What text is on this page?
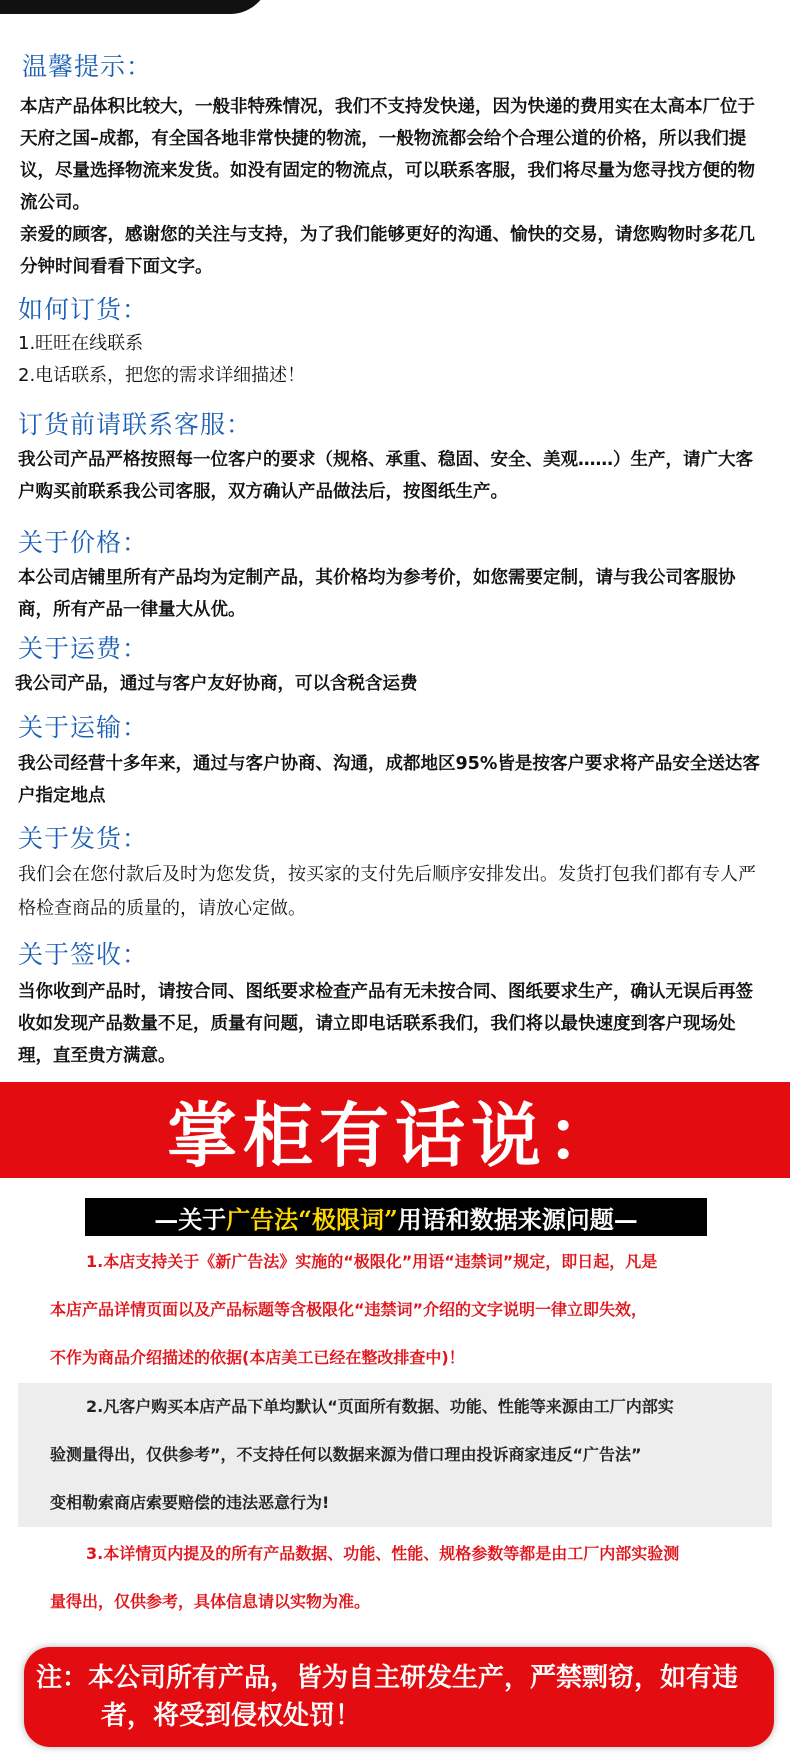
温馨提示：
本店产品体积比较大，一般非特殊情况，我们不支持发快递，因为快递的费用实在太高本厂位于天府之国–成都，有全国各地非常快捷的物流，一般物流都会给个合理公道的价格，所以我们提议，尽量选择物流来发货。如没有固定的物流点，可以联系客服，我们将尽量为您寻找方便的物流公司。
亲爱的顾客，感谢您的关注与支持，为了我们能够更好的沟通、愉快的交易，请您购物时多花几分钟时间看看下面文字。
如何订货：
1.旺旺在线联系
2.电话联系，把您的需求详细描述！
订货前请联系客服：
我公司产品严格按照每一位客户的要求（规格、承重、稳固、安全、美观……）生产，请广大客户购买前联系我公司客服，双方确认产品做法后，按图纸生产。
关于价格：
本公司店铺里所有产品均为定制产品，其价格均为参考价，如您需要定制，请与我公司客服协商，所有产品一律量大从优。
关于运费：
我公司产品，通过与客户友好协商，可以含税含运费
关于运输：
我公司经营十多年来，通过与客户协商、沟通，成都地区95%皆是按客户要求将产品安全送达客户指定地点
关于发货：
我们会在您付款后及时为您发货，按买家的支付先后顺序安排发出。发货打包我们都有专人严格检查商品的质量的，请放心定做。
关于签收：
当你收到产品时，请按合同、图纸要求检查产品有无未按合同、图纸要求生产，确认无误后再签收如发现产品数量不足，质量有问题，请立即电话联系我们，我们将以最快速度到客户现场处理，直至贵方满意。
掌柜有话说：
—关于 广告法“极限词” 用语和数据来源问题—
1.本店支持关于《新广告法》实施的“极限化”用语“违禁词”规定，即日起，凡是
本店产品详情页面以及产品标题等含极限化“违禁词”介绍的文字说明一律立即失效，
不作为商品介绍描述的依据(本店美工已经在整改排查中)！
2.凡客户购买本店产品下单均默认“页面所有数据、功能、性能等来源由工厂内部实
验测量得出，仅供参考”，不支持任何以数据来源为借口理由投诉商家违反“广告法”
变相勒索商店索要赔偿的违法恶意行为!
3.本详情页内提及的所有产品数据、功能、性能、规格参数等都是由工厂内部实验测
量得出，仅供参考，具体信息请以实物为准。
注：本公司所有产品，皆为自主研发生产，严禁剽窃，如有违
者，将受到侵权处罚！
